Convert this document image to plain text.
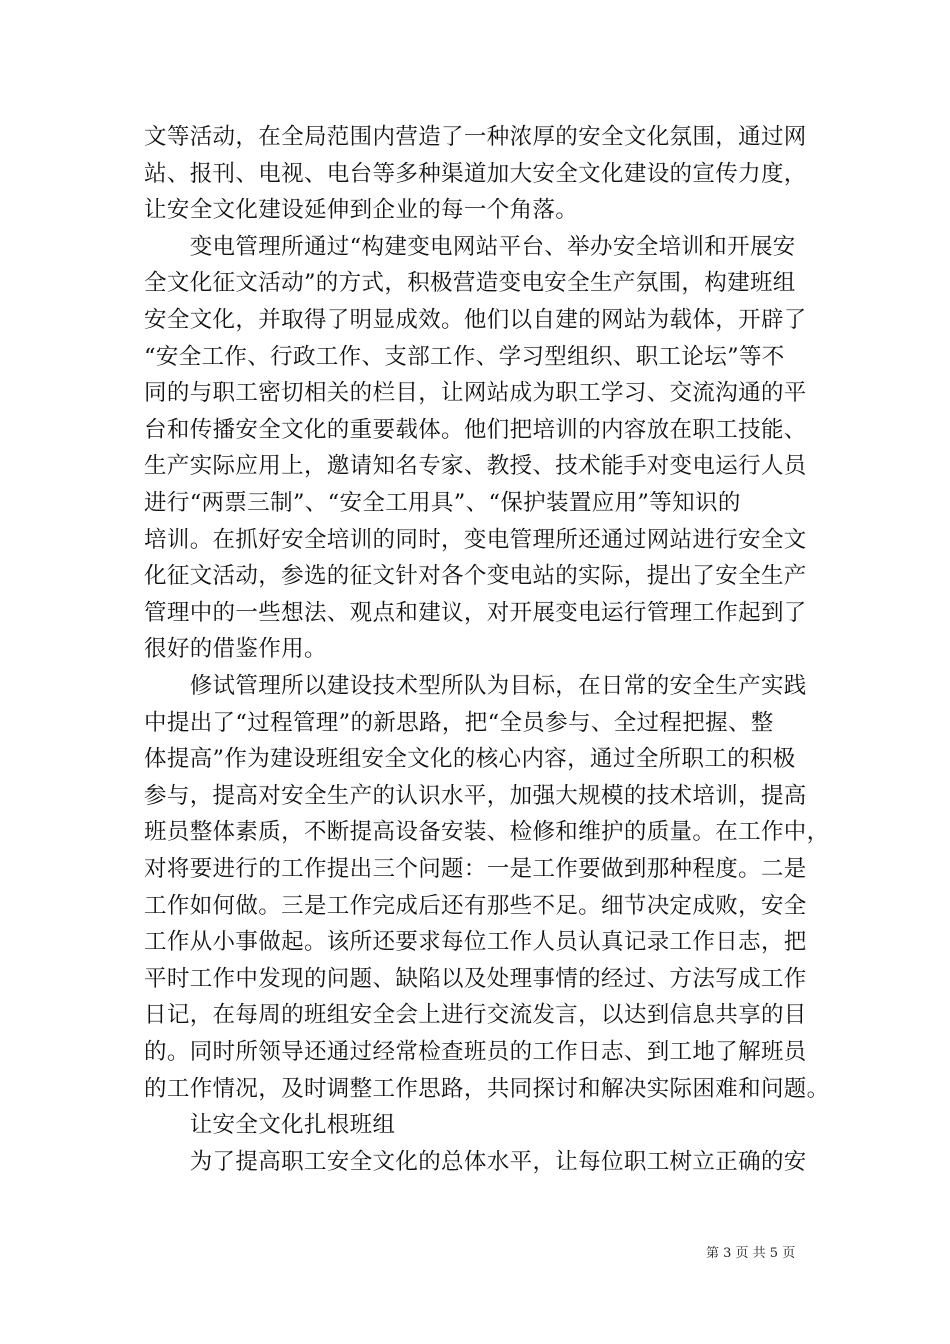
文等活动，在全局范围内营造了一种浓厚的安全文化氛围，通过网
站、报刊、电视、电台等多种渠道加大安全文化建设的宣传力度，
让安全文化建设延伸到企业的每一个角落。
　　变电管理所通过“构建变电网站平台、举办安全培训和开展安
全文化征文活动”的方式，积极营造变电安全生产氛围，构建班组
安全文化，并取得了明显成效。他们以自建的网站为载体，开辟了
“安全工作、行政工作、支部工作、学习型组织、职工论坛”等不
同的与职工密切相关的栏目，让网站成为职工学习、交流沟通的平
台和传播安全文化的重要载体。他们把培训的内容放在职工技能、
生产实际应用上，邀请知名专家、教授、技术能手对变电运行人员
进行“两票三制”、“安全工用具”、“保护装置应用”等知识的
培训。在抓好安全培训的同时，变电管理所还通过网站进行安全文
化征文活动，参选的征文针对各个变电站的实际，提出了安全生产
管理中的一些想法、观点和建议，对开展变电运行管理工作起到了
很好的借鉴作用。
　　修试管理所以建设技术型所队为目标，在日常的安全生产实践
中提出了“过程管理”的新思路，把“全员参与、全过程把握、整
体提高”作为建设班组安全文化的核心内容，通过全所职工的积极
参与，提高对安全生产的认识水平，加强大规模的技术培训，提高
班员整体素质，不断提高设备安装、检修和维护的质量。在工作中，
对将要进行的工作提出三个问题：一是工作要做到那种程度。二是
工作如何做。三是工作完成后还有那些不足。细节决定成败，安全
工作从小事做起。该所还要求每位工作人员认真记录工作日志，把
平时工作中发现的问题、缺陷以及处理事情的经过、方法写成工作
日记，在每周的班组安全会上进行交流发言，以达到信息共享的目
的。同时所领导还通过经常检查班员的工作日志、到工地了解班员
的工作情况，及时调整工作思路，共同探讨和解决实际困难和问题。
　　让安全文化扎根班组
　　为了提高职工安全文化的总体水平，让每位职工树立正确的安
第 3 页 共 5 页
